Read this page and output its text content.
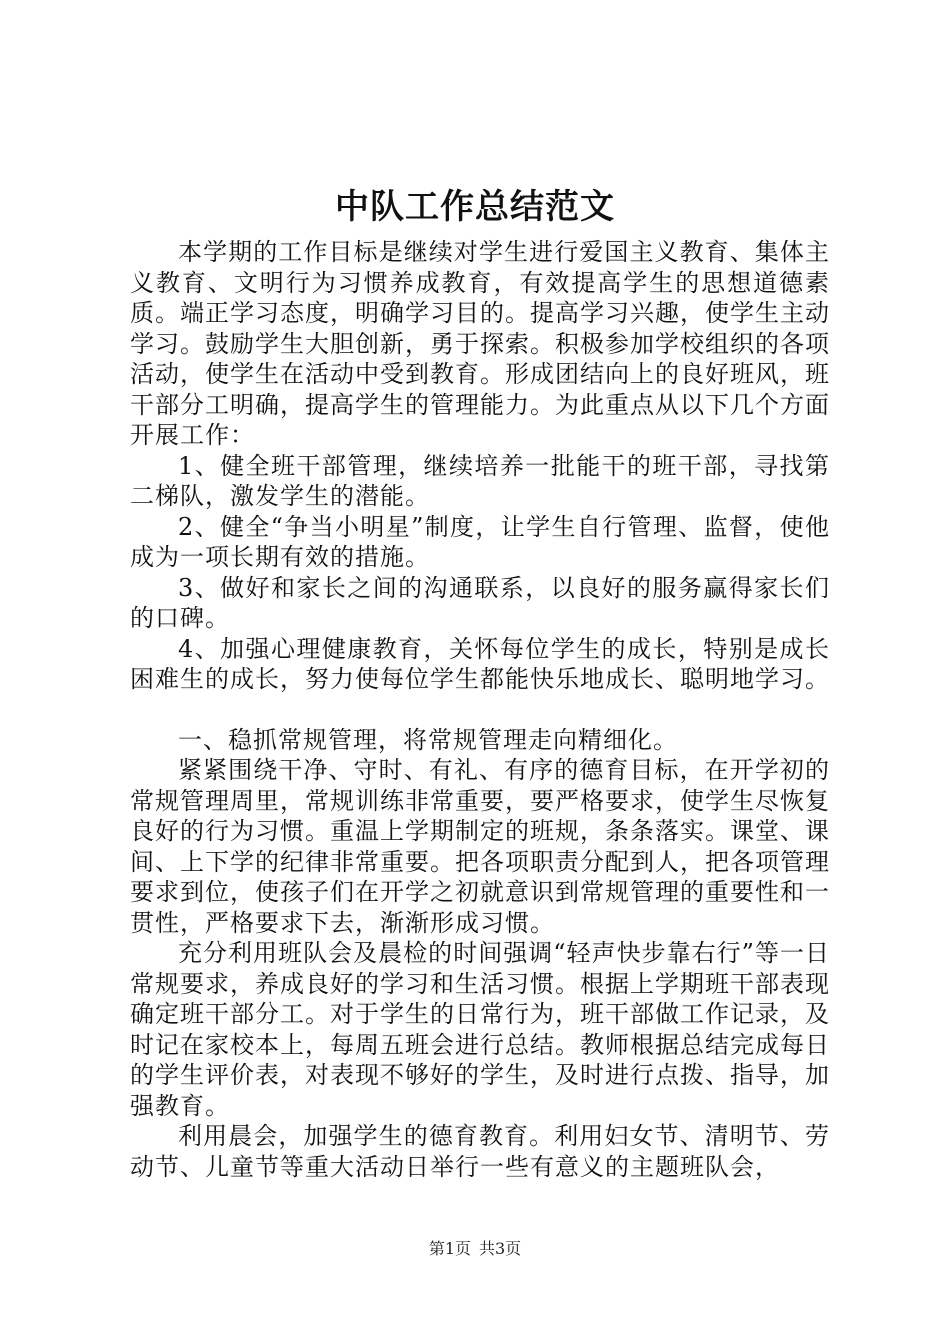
中队工作总结范文

本学期的工作目标是继续对学生进行爱国主义教育、集体主义教育、文明行为习惯养成教育，有效提高学生的思想道德素质。端正学习态度，明确学习目的。提高学习兴趣，使学生主动学习。鼓励学生大胆创新，勇于探索。积极参加学校组织的各项活动，使学生在活动中受到教育。形成团结向上的良好班风，班干部分工明确，提高学生的管理能力。为此重点从以下几个方面开展工作：

1、健全班干部管理，继续培养一批能干的班干部，寻找第二梯队，激发学生的潜能。

2、健全“争当小明星”制度，让学生自行管理、监督，使他成为一项长期有效的措施。

3、做好和家长之间的沟通联系，以良好的服务赢得家长们的口碑。

4、加强心理健康教育，关怀每位学生的成长，特别是成长困难生的成长，努力使每位学生都能快乐地成长、聪明地学习。

一、稳抓常规管理，将常规管理走向精细化。

紧紧围绕干净、守时、有礼、有序的德育目标，在开学初的常规管理周里，常规训练非常重要，要严格要求，使学生尽恢复良好的行为习惯。重温上学期制定的班规，条条落实。课堂、课间、上下学的纪律非常重要。把各项职责分配到人，把各项管理要求到位，使孩子们在开学之初就意识到常规管理的重要性和一贯性，严格要求下去，渐渐形成习惯。

充分利用班队会及晨检的时间强调“轻声快步靠右行”等一日常规要求，养成良好的学习和生活习惯。根据上学期班干部表现确定班干部分工。对于学生的日常行为，班干部做工作记录，及时记在家校本上，每周五班会进行总结。教师根据总结完成每日的学生评价表，对表现不够好的学生，及时进行点拨、指导，加强教育。

利用晨会，加强学生的德育教育。利用妇女节、清明节、劳动节、儿童节等重大活动日举行一些有意义的主题班队会，

第1页 共3页
